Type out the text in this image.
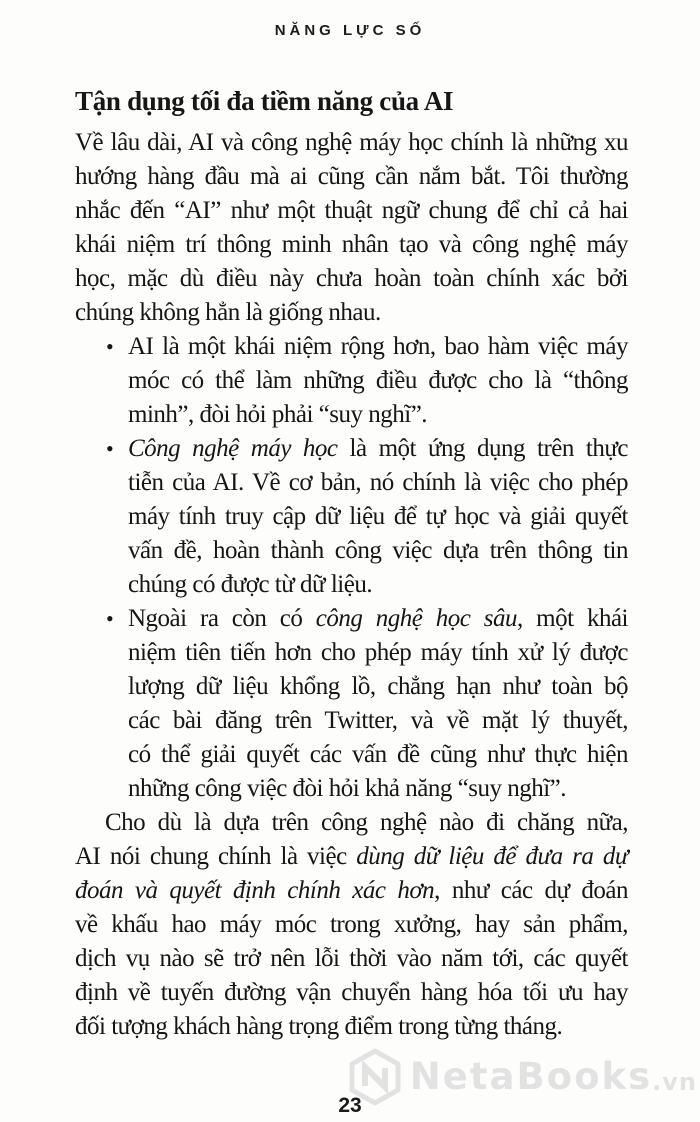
NĂNG LỰC SỐ
Tận dụng tối đa tiềm năng của AI
Về lâu dài, AI và công nghệ máy học chính là những xu
hướng hàng đầu mà ai cũng cần nắm bắt. Tôi thường
nhắc đến “AI” như một thuật ngữ chung để chỉ cả hai
khái niệm trí thông minh nhân tạo và công nghệ máy
học, mặc dù điều này chưa hoàn toàn chính xác bởi
chúng không hẳn là giống nhau.
• AI là một khái niệm rộng hơn, bao hàm việc máy
móc có thể làm những điều được cho là “thông
minh”, đòi hỏi phải “suy nghĩ”.
• Công nghệ máy học là một ứng dụng trên thực
tiễn của AI. Về cơ bản, nó chính là việc cho phép
máy tính truy cập dữ liệu để tự học và giải quyết
vấn đề, hoàn thành công việc dựa trên thông tin
chúng có được từ dữ liệu.
• Ngoài ra còn có công nghệ học sâu, một khái
niệm tiên tiến hơn cho phép máy tính xử lý được
lượng dữ liệu khổng lồ, chẳng hạn như toàn bộ
các bài đăng trên Twitter, và về mặt lý thuyết,
có thể giải quyết các vấn đề cũng như thực hiện
những công việc đòi hỏi khả năng “suy nghĩ”.
Cho dù là dựa trên công nghệ nào đi chăng nữa,
AI nói chung chính là việc dùng dữ liệu để đưa ra dự
đoán và quyết định chính xác hơn, như các dự đoán
về khấu hao máy móc trong xưởng, hay sản phẩm,
dịch vụ nào sẽ trở nên lỗi thời vào năm tới, các quyết
định về tuyến đường vận chuyển hàng hóa tối ưu hay
đối tượng khách hàng trọng điểm trong từng tháng.
NetaBooks .vn
23
